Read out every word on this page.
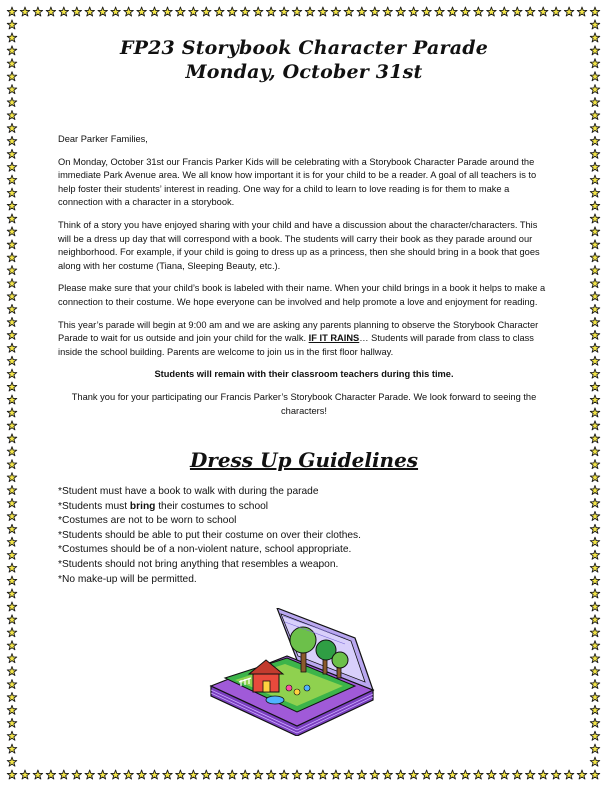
FP23 Storybook Character Parade
Monday, October 31st

Dear Parker Families,

On Monday, October 31st our Francis Parker Kids will be celebrating with a Storybook Character Parade around the immediate Park Avenue area. We all know how important it is for your child to be a reader. A goal of all teachers is to help foster their students’ interest in reading. One way for a child to learn to love reading is for them to make a connection with a character in a storybook.

Think of a story you have enjoyed sharing with your child and have a discussion about the character/characters. This will be a dress up day that will correspond with a book. The students will carry their book as they parade around our neighborhood. For example, if your child is going to dress up as a princess, then she should bring in a book that goes along with her costume (Tiana, Sleeping Beauty, etc.).

Please make sure that your child’s book is labeled with their name. When your child brings in a book it helps to make a connection to their costume. We hope everyone can be involved and help promote a love and enjoyment for reading.

This year’s parade will begin at 9:00 am and we are asking any parents planning to observe the Storybook Character Parade to wait for us outside and join your child for the walk. IF IT RAINS… Students will parade from class to class inside the school building. Parents are welcome to join us in the first floor hallway.

Students will remain with their classroom teachers during this time.

Thank you for your participating our Francis Parker’s Storybook Character Parade. We look forward to seeing the characters!

Dress Up Guidelines
*Student must have a book to walk with during the parade
*Students must bring their costumes to school
*Costumes are not to be worn to school
*Students should be able to put their costume on over their clothes.
*Costumes should be of a non-violent nature, school appropriate.
*Students should not bring anything that resembles a weapon.
*No make-up will be permitted.
